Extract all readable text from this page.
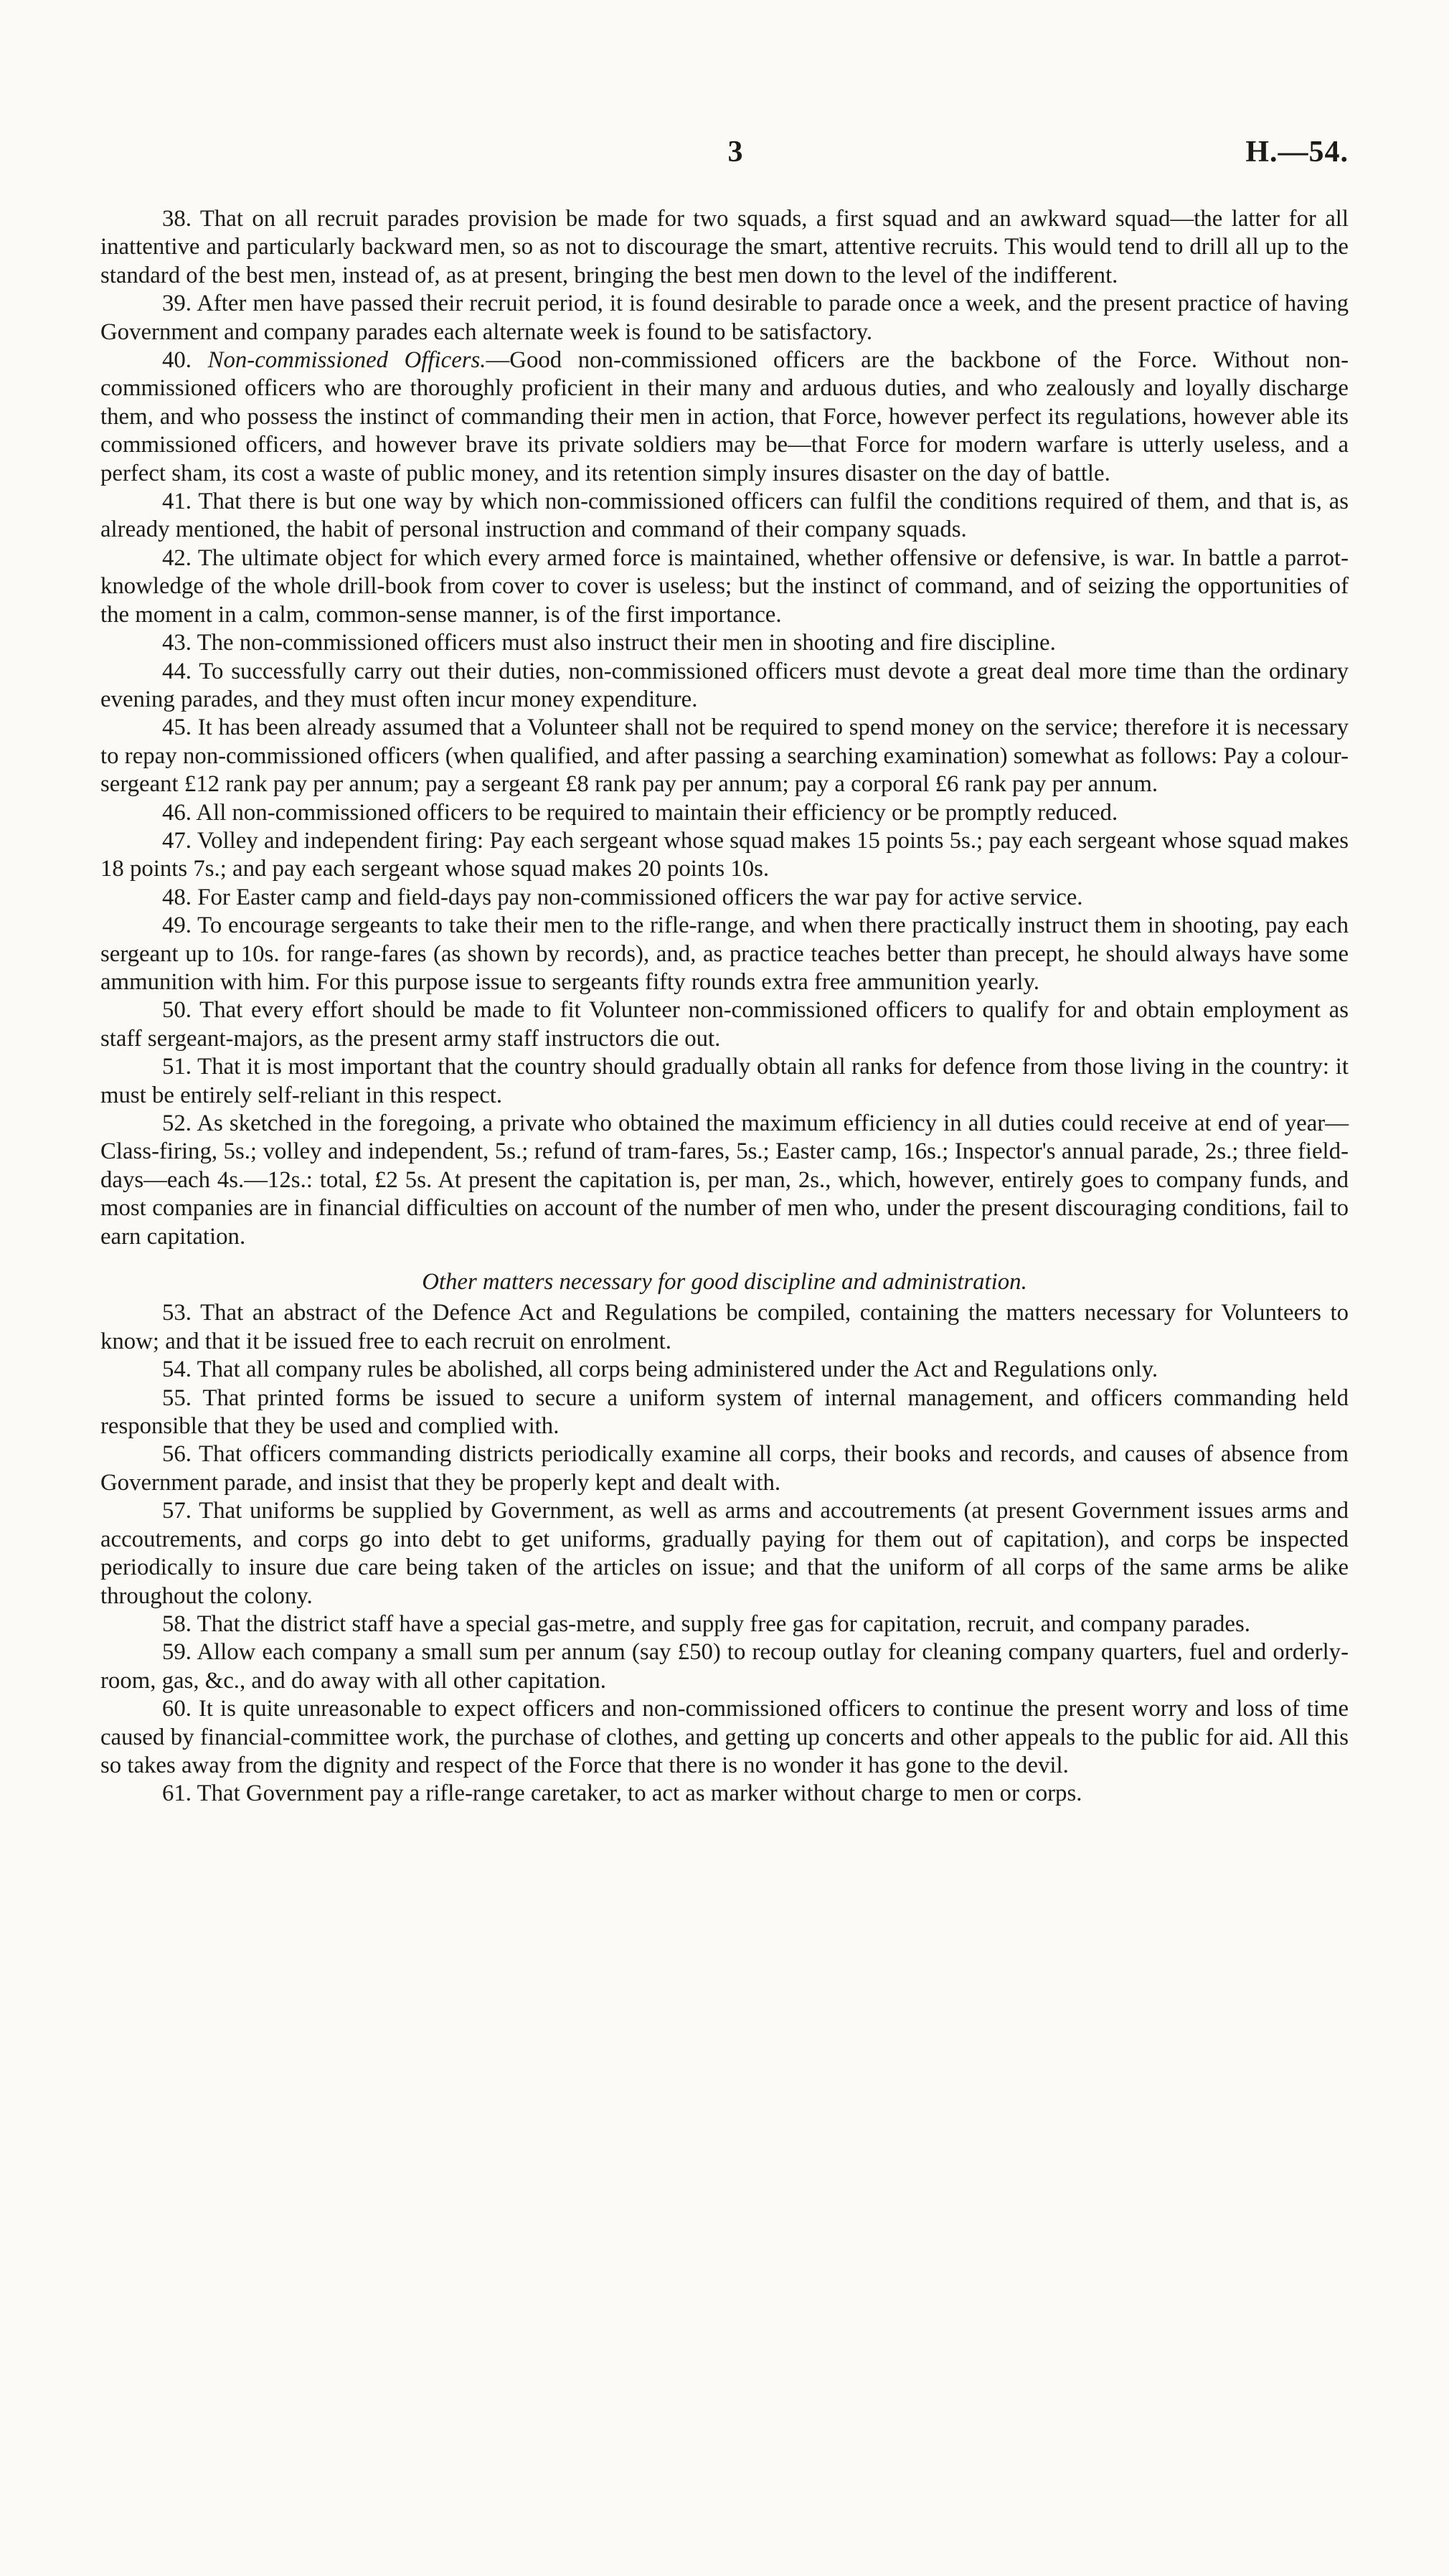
3	H.—54.

38. That on all recruit parades provision be made for two squads, a first squad and an awkward squad—the latter for all inattentive and particularly backward men, so as not to discourage the smart, attentive recruits. This would tend to drill all up to the standard of the best men, instead of, as at present, bringing the best men down to the level of the indifferent.

39. After men have passed their recruit period, it is found desirable to parade once a week, and the present practice of having Government and company parades each alternate week is found to be satisfactory.

40. Non-commissioned Officers.—Good non-commissioned officers are the backbone of the Force. Without non-commissioned officers who are thoroughly proficient in their many and arduous duties, and who zealously and loyally discharge them, and who possess the instinct of commanding their men in action, that Force, however perfect its regulations, however able its commissioned officers, and however brave its private soldiers may be—that Force for modern warfare is utterly useless, and a perfect sham, its cost a waste of public money, and its retention simply insures disaster on the day of battle.

41. That there is but one way by which non-commissioned officers can fulfil the conditions required of them, and that is, as already mentioned, the habit of personal instruction and command of their company squads.

42. The ultimate object for which every armed force is maintained, whether offensive or defensive, is war. In battle a parrot-knowledge of the whole drill-book from cover to cover is useless; but the instinct of command, and of seizing the opportunities of the moment in a calm, common-sense manner, is of the first importance.

43. The non-commissioned officers must also instruct their men in shooting and fire discipline.

44. To successfully carry out their duties, non-commissioned officers must devote a great deal more time than the ordinary evening parades, and they must often incur money expenditure.

45. It has been already assumed that a Volunteer shall not be required to spend money on the service; therefore it is necessary to repay non-commissioned officers (when qualified, and after passing a searching examination) somewhat as follows: Pay a colour-sergeant £12 rank pay per annum; pay a sergeant £8 rank pay per annum; pay a corporal £6 rank pay per annum.

46. All non-commissioned officers to be required to maintain their efficiency or be promptly reduced.

47. Volley and independent firing: Pay each sergeant whose squad makes 15 points 5s.; pay each sergeant whose squad makes 18 points 7s.; and pay each sergeant whose squad makes 20 points 10s.

48. For Easter camp and field-days pay non-commissioned officers the war pay for active service.

49. To encourage sergeants to take their men to the rifle-range, and when there practically instruct them in shooting, pay each sergeant up to 10s. for range-fares (as shown by records), and, as practice teaches better than precept, he should always have some ammunition with him. For this purpose issue to sergeants fifty rounds extra free ammunition yearly.

50. That every effort should be made to fit Volunteer non-commissioned officers to qualify for and obtain employment as staff sergeant-majors, as the present army staff instructors die out.

51. That it is most important that the country should gradually obtain all ranks for defence from those living in the country: it must be entirely self-reliant in this respect.

52. As sketched in the foregoing, a private who obtained the maximum efficiency in all duties could receive at end of year—Class-firing, 5s.; volley and independent, 5s.; refund of tram-fares, 5s.; Easter camp, 16s.; Inspector's annual parade, 2s.; three field-days—each 4s.—12s.: total, £2 5s. At present the capitation is, per man, 2s., which, however, entirely goes to company funds, and most companies are in financial difficulties on account of the number of men who, under the present discouraging conditions, fail to earn capitation.

Other matters necessary for good discipline and administration.

53. That an abstract of the Defence Act and Regulations be compiled, containing the matters necessary for Volunteers to know; and that it be issued free to each recruit on enrolment.

54. That all company rules be abolished, all corps being administered under the Act and Regulations only.

55. That printed forms be issued to secure a uniform system of internal management, and officers commanding held responsible that they be used and complied with.

56. That officers commanding districts periodically examine all corps, their books and records, and causes of absence from Government parade, and insist that they be properly kept and dealt with.

57. That uniforms be supplied by Government, as well as arms and accoutrements (at present Government issues arms and accoutrements, and corps go into debt to get uniforms, gradually paying for them out of capitation), and corps be inspected periodically to insure due care being taken of the articles on issue; and that the uniform of all corps of the same arms be alike throughout the colony.

58. That the district staff have a special gas-metre, and supply free gas for capitation, recruit, and company parades.

59. Allow each company a small sum per annum (say £50) to recoup outlay for cleaning company quarters, fuel and orderly-room, gas, &c., and do away with all other capitation.

60. It is quite unreasonable to expect officers and non-commissioned officers to continue the present worry and loss of time caused by financial-committee work, the purchase of clothes, and getting up concerts and other appeals to the public for aid. All this so takes away from the dignity and respect of the Force that there is no wonder it has gone to the devil.

61. That Government pay a rifle-range caretaker, to act as marker without charge to men or corps.
